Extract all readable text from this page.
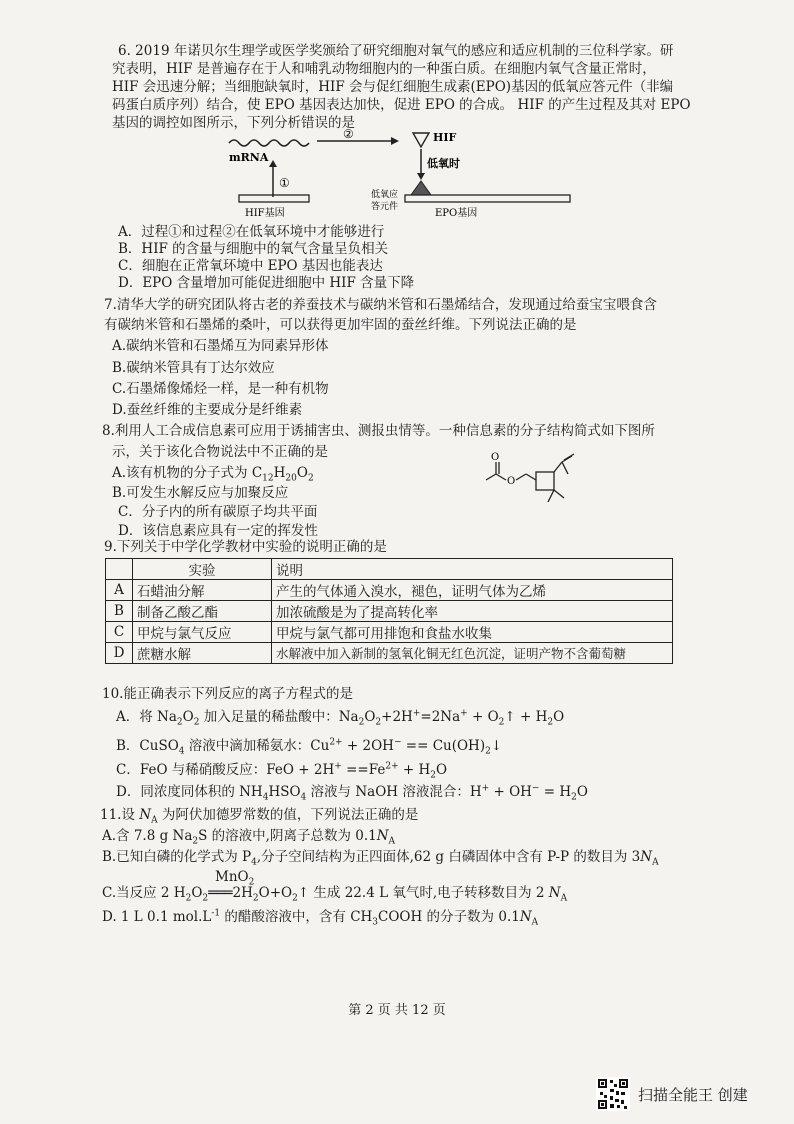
6. 2019 年诺贝尔生理学或医学奖颁给了研究细胞对氧气的感应和适应机制的三位科学家。研
究表明，HIF 是普遍存在于人和哺乳动物细胞内的一种蛋白质。在细胞内氧气含量正常时，
HIF 会迅速分解；当细胞缺氧时，HIF 会与促红细胞生成素(EPO)基因的低氧应答元件（非编
码蛋白质序列）结合，使 EPO 基因表达加快，促进 EPO 的合成。 HIF 的产生过程及其对 EPO
基因的调控如图所示，下列分析错误的是
mRNA
①
HIF基因
②	HIF
低氧时
低氧应
答元件
EPO基因
A．过程①和过程②在低氧环境中才能够进行
B．HIF 的含量与细胞中的氧气含量呈负相关
C．细胞在正常氧环境中 EPO 基因也能表达
D．EPO 含量增加可能促进细胞中 HIF 含量下降
7.清华大学的研究团队将古老的养蚕技术与碳纳米管和石墨烯结合，发现通过给蚕宝宝喂食含
有碳纳米管和石墨烯的桑叶，可以获得更加牢固的蚕丝纤维。下列说法正确的是
A.碳纳米管和石墨烯互为同素异形体
B.碳纳米管具有丁达尔效应
C.石墨烯像烯烃一样，是一种有机物
D.蚕丝纤维的主要成分是纤维素
8.利用人工合成信息素可应用于诱捕害虫、测报虫情等。一种信息素的分子结构简式如下图所
示，关于该化合物说法中不正确的是
A.该有机物的分子式为 $C_{12}H_{20}O_2$
B.可发生水解反应与加聚反应
C．分子内的所有碳原子均共平面
D．该信息素应具有一定的挥发性
O
O
9.下列关于中学化学教材中实验的说明正确的是
	实验	说明
A	石蜡油分解	产生的气体通入溴水，褪色，证明气体为乙烯
B	制备乙酸乙酯	加浓硫酸是为了提高转化率
C	甲烷与氯气反应	甲烷与氯气都可用排饱和食盐水收集
D	蔗糖水解	水解液中加入新制的氢氧化铜无红色沉淀，证明产物不含葡萄糖
10.能正确表示下列反应的离子方程式的是
A．将 $Na_2O_2$ 加入足量的稀盐酸中：$Na_2O_2+2H^+=2Na^+$ + $O_2↑ + H_2O$
B．CuSO$_4$ 溶液中滴加稀氨水：$Cu^{2+} + 2OH^-$ == $Cu(OH)_2↓$
C．FeO 与稀硝酸反应：FeO + $2H^+ ==Fe^{2+} + H_2O$
D．同浓度同体积的 $NH_4HSO_4$ 溶液与 NaOH 溶液混合：$H^+ + OH^- = H_2O$
11.设 $N_A$ 为阿伏加德罗常数的值，下列说法正确的是
A.含 7.8 g $Na_2S$ 的溶液中,阴离子总数为 $0.1N_A$
B.已知白磷的化学式为 $P_4$,分子空间结构为正四面体,62 g 白磷固体中含有 P-P 的数目为 $3N_A$
MnO$_2$
C.当反应 2 $H_2O_2═══2H_2O+O_2↑$ 生成 22.4 L 氧气时,电子转移数目为 2 $N_A$
D. 1 L 0.1 $mol.L^{-1}$ 的醋酸溶液中，含有 $CH_3COOH$ 的分子数为 $0.1N_A$
第 2 页 共 12 页
扫描全能王 创建
